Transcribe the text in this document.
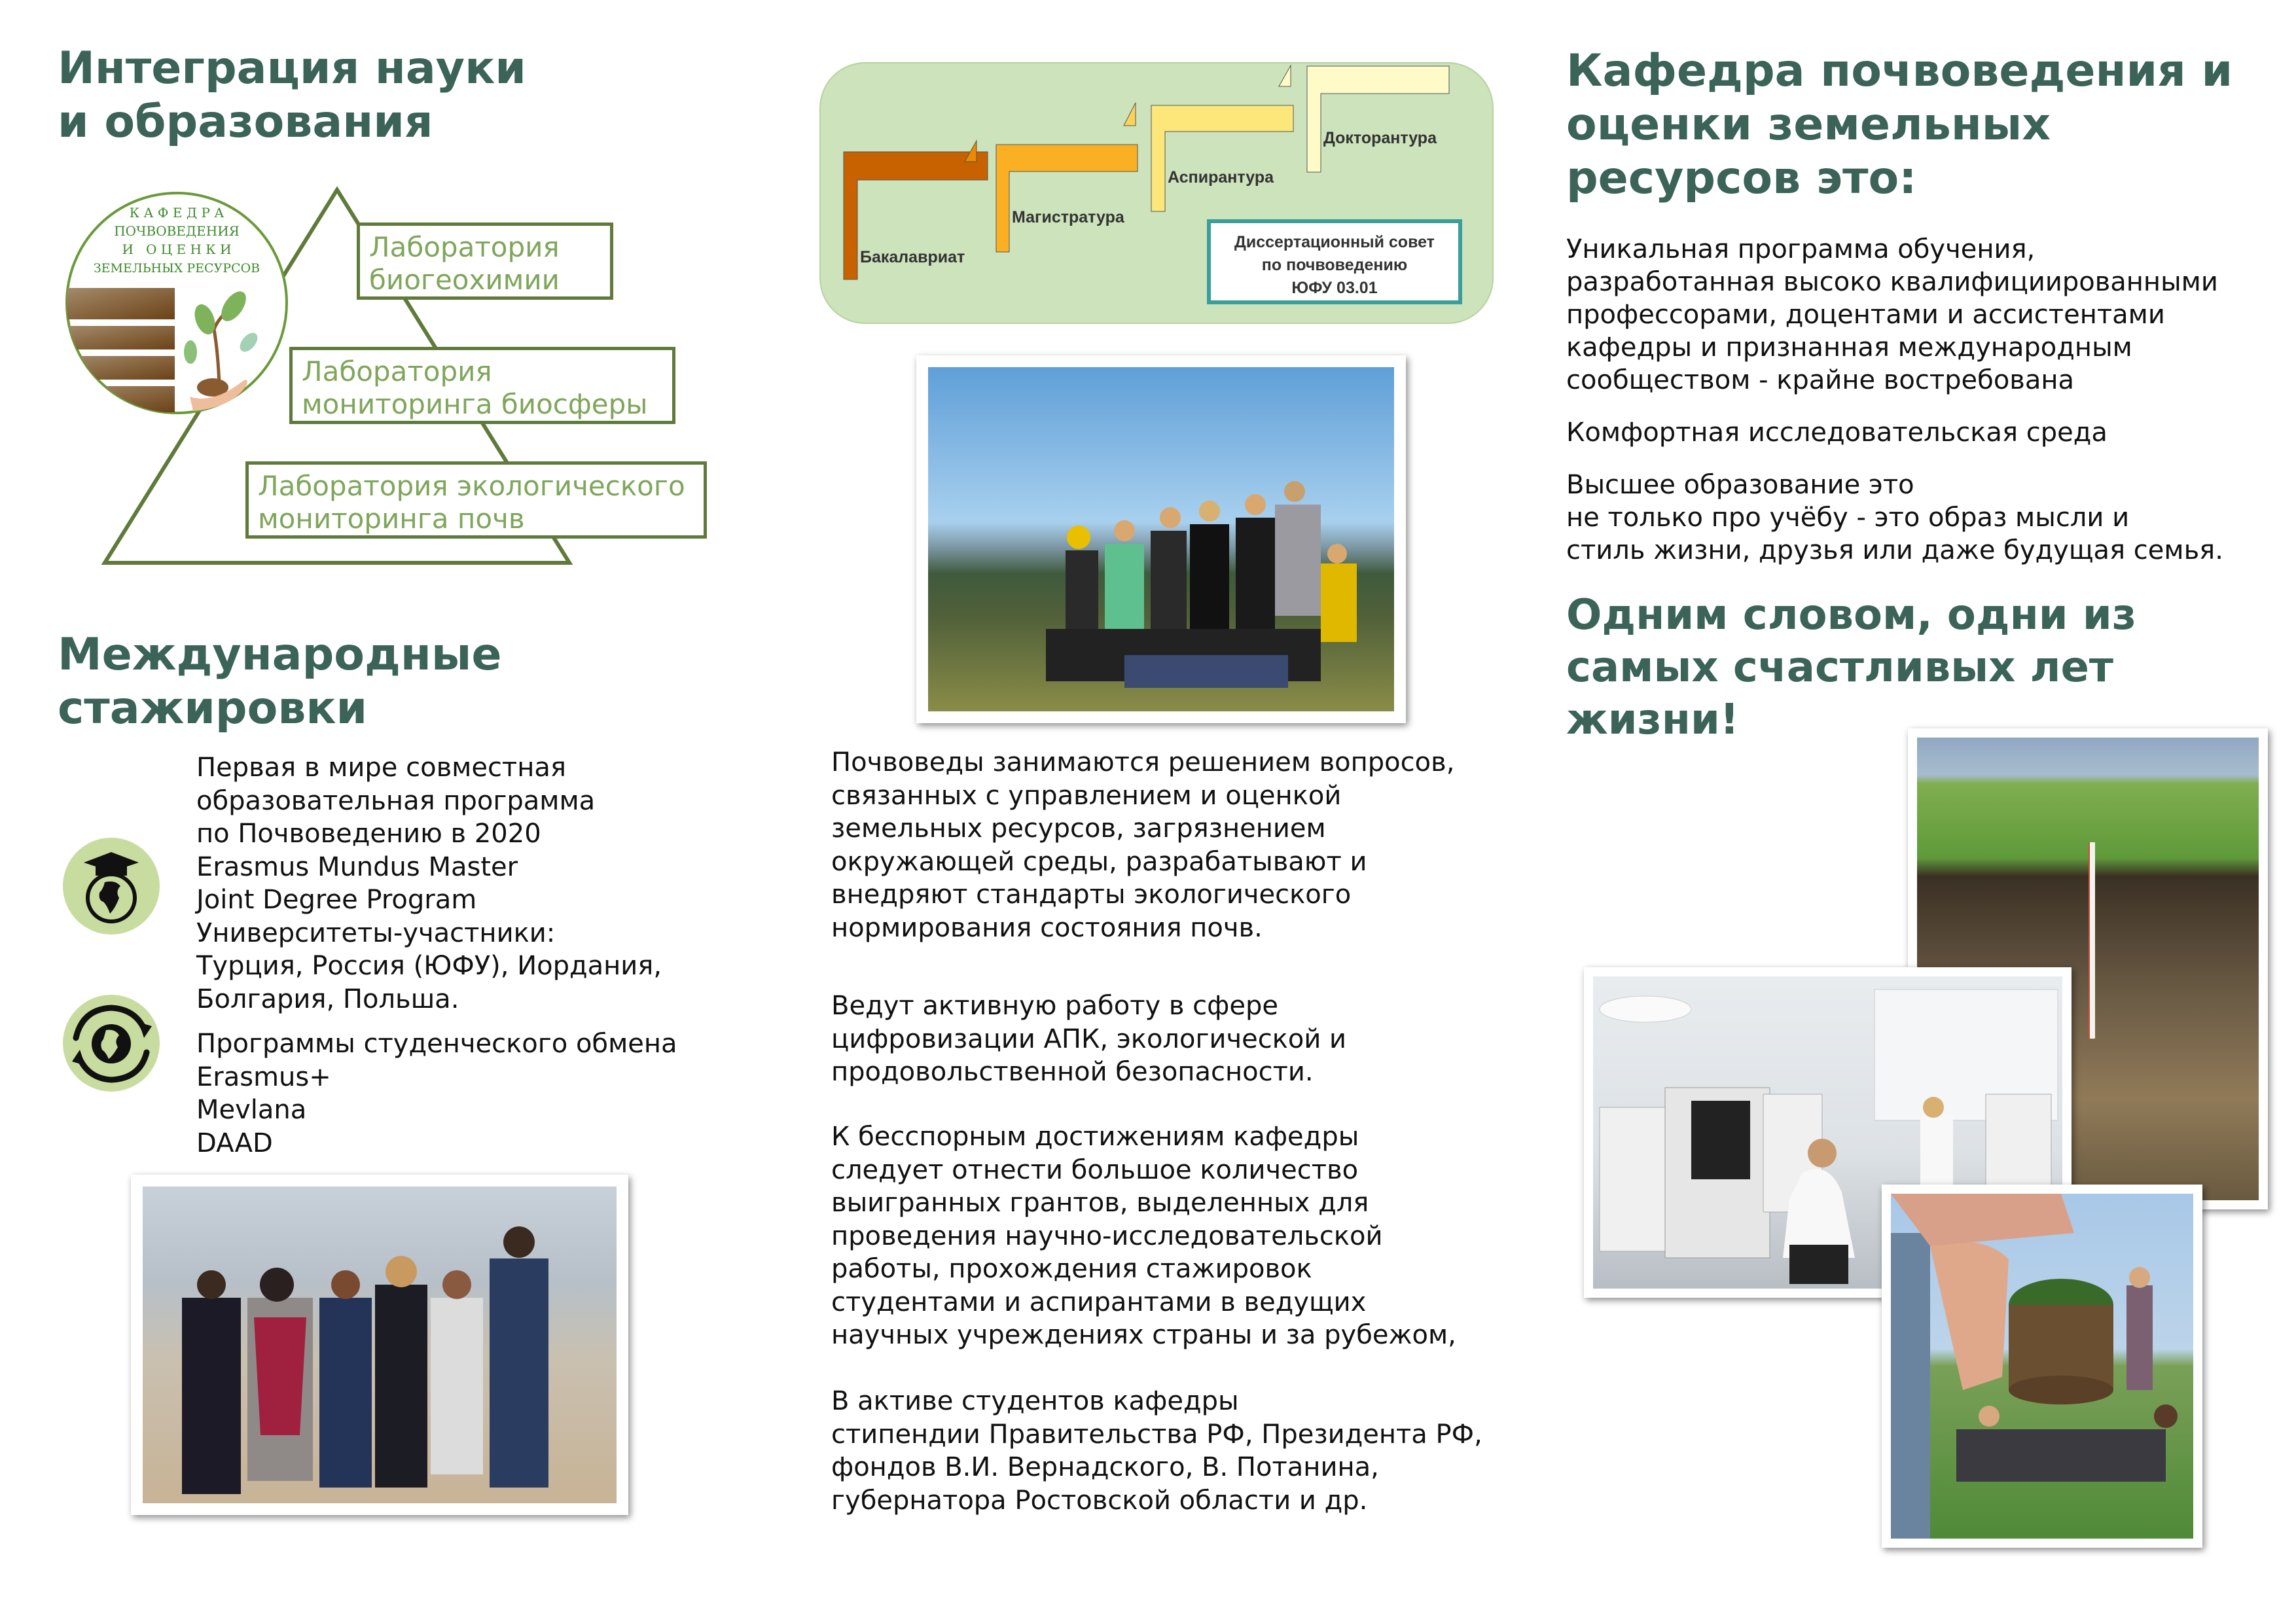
Интеграция науки
и образования
К А Ф Е Д Р А
ПОЧВОВЕДЕНИЯ
И   О Ц Е Н К И
ЗЕМЕЛЬНЫХ РЕСУРСОВ
Лаборатория
биогеохимии
Лаборатория
мониторинга биосферы
Лаборатория экологического
мониторинга почв
Международные
стажировки
Первая в мире совместная
образовательная программа
по Почвоведению в 2020
Erasmus Mundus Master
Joint Degree Program
Университеты-участники:
Турция, Россия (ЮФУ), Иордания,
Болгария, Польша.
Программы студенческого обмена
Erasmus+
Mevlana
DAAD
Бакалавриат
Магистратура
Аспирантура
Докторантура
Диссертационный совет
по почвоведению
ЮФУ 03.01
Почвоведы занимаются решением вопросов,
связанных с управлением и оценкой
земельных ресурсов, загрязнением
окружающей среды, разрабатывают и
внедряют стандарты экологического
нормирования состояния почв.
Ведут активную работу в сфере
цифровизации АПК, экологической и
продовольственной безопасности.
К бесспорным достижениям кафедры
следует отнести большое количество
выигранных грантов, выделенных для
проведения научно-исследовательской
работы, прохождения стажировок
студентами и аспирантами в ведущих
научных учреждениях страны и за рубежом,
В активе студентов кафедры
стипендии Правительства РФ, Президента РФ,
фондов В.И. Вернадского, В. Потанина,
губернатора Ростовской области и др.
Кафедра почвоведения и
оценки земельных
ресурсов это:
Уникальная программа обучения,
разработанная высоко квалифициированными
профессорами, доцентами и ассистентами
кафедры и признанная международным
сообществом - крайне востребована
Комфортная исследовательская среда
Высшее образование это
не только про учёбу - это образ мысли и
стиль жизни, друзья или даже будущая семья.
Одним словом, одни из
самых счастливых лет жизни!
